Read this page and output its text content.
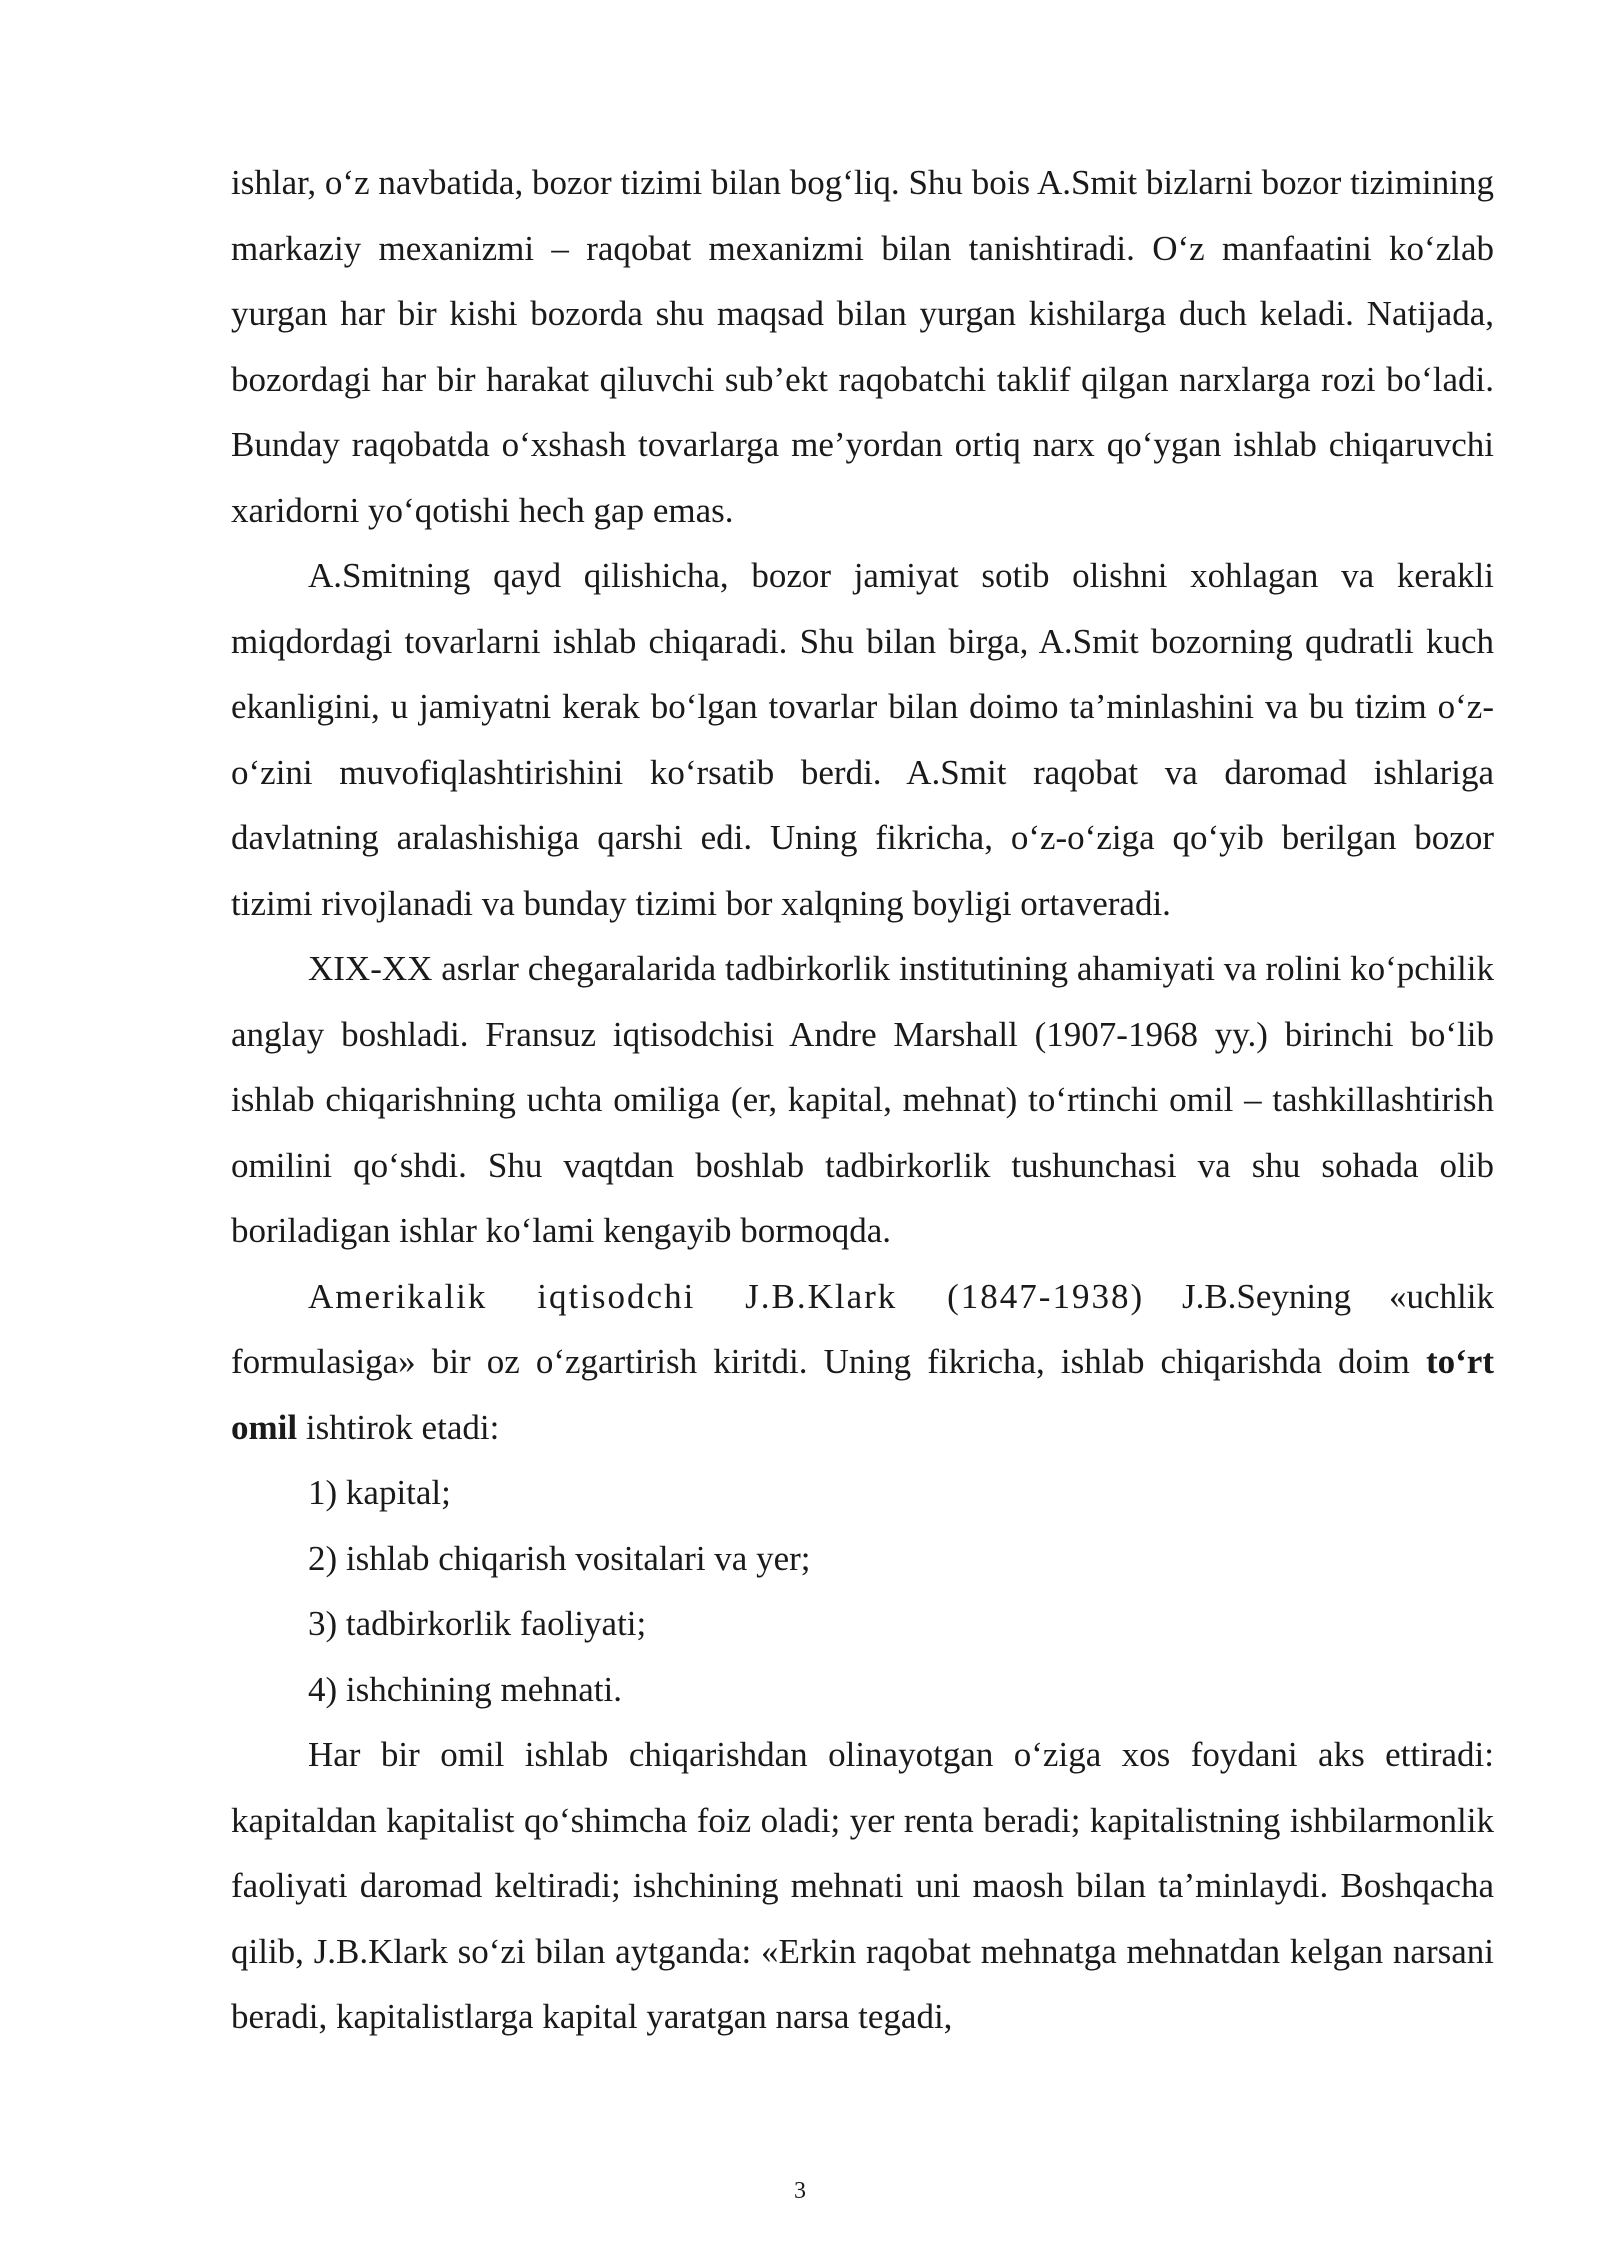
ishlar, o‘z navbatida, bozor tizimi bilan bog‘liq. Shu bois A.Smit bizlarni bozor tizimining markaziy mexanizmi – raqobat mexanizmi bilan tanishtiradi. O‘z manfaatini ko‘zlab yurgan har bir kishi bozorda shu maqsad bilan yurgan kishilarga duch keladi. Natijada, bozordagi har bir harakat qiluvchi sub’ekt raqobatchi taklif qilgan narxlarga rozi bo‘ladi. Bunday raqobatda o‘xshash tovarlarga me’yordan ortiq narx qo‘ygan ishlab chiqaruvchi xaridorni yo‘qotishi hech gap emas.

A.Smitning qayd qilishicha, bozor jamiyat sotib olishni xohlagan va kerakli miqdordagi tovarlarni ishlab chiqaradi. Shu bilan birga, A.Smit bozorning qudratli kuch ekanligini, u jamiyatni kerak bo‘lgan tovarlar bilan doimo ta’minlashini va bu tizim o‘z-o‘zini muvofiqlashtirishini ko‘rsatib berdi. A.Smit raqobat va daromad ishlariga davlatning aralashishiga qarshi edi. Uning fikricha, o‘z-o‘ziga qo‘yib berilgan bozor tizimi rivojlanadi va bunday tizimi bor xalqning boyligi ortaveradi.

XIX-XX asrlar chegaralarida tadbirkorlik institutining ahamiyati va rolini ko‘pchilik anglay boshladi. Fransuz iqtisodchisi Andre Marshall (1907-1968 yy.) birinchi bo‘lib ishlab chiqarishning uchta omiliga (er, kapital, mehnat) to‘rtinchi omil – tashkillashtirish omilini qo‘shdi. Shu vaqtdan boshlab tadbirkorlik tushunchasi va shu sohada olib boriladigan ishlar ko‘lami kengayib bormoqda.

Amerikalik iqtisodchi J.B.Klark (1847-1938) J.B.Seyning «uchlik formulasiga» bir oz o‘zgartirish kiritdi. Uning fikricha, ishlab chiqarishda doim to‘rt omil ishtirok etadi:

1) kapital;

2) ishlab chiqarish vositalari va yer;

3) tadbirkorlik faoliyati;

4) ishchining mehnati.

Har bir omil ishlab chiqarishdan olinayotgan o‘ziga xos foydani aks ettiradi: kapitaldan kapitalist qo‘shimcha foiz oladi; yer renta beradi; kapitalistning ishbilarmonlik faoliyati daromad keltiradi; ishchining mehnati uni maosh bilan ta’minlaydi. Boshqacha qilib, J.B.Klark so‘zi bilan aytganda: «Erkin raqobat mehnatga mehnatdan kelgan narsani beradi, kapitalistlarga kapital yaratgan narsa tegadi,

3
